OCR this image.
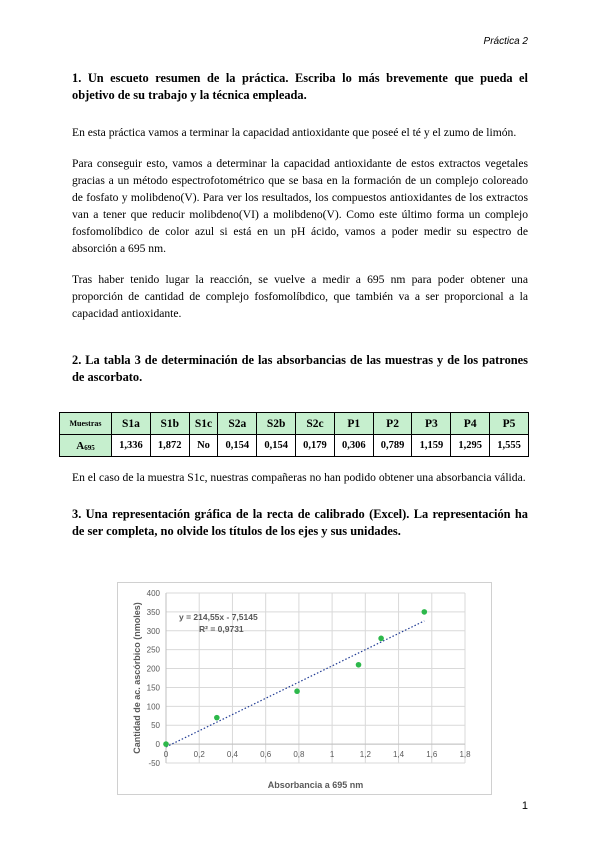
Práctica 2
1. Un escueto resumen de la práctica. Escriba lo más brevemente que pueda el objetivo de su trabajo y la técnica empleada.

En esta práctica vamos a terminar la capacidad antioxidante que poseé el té y el zumo de limón.

Para conseguir esto, vamos a determinar la capacidad antioxidante de estos extractos vegetales gracias a un método espectrofotométrico que se basa en la formación de un complejo coloreado de fosfato y molibdeno(V). Para ver los resultados, los compuestos antioxidantes de los extractos van a tener que reducir molibdeno(VI) a molibdeno(V). Como este último forma un complejo fosfomolíbdico de color azul si está en un pH ácido, vamos a poder medir su espectro de absorción a 695 nm.

Tras haber tenido lugar la reacción, se vuelve a medir a 695 nm para poder obtener una proporción de cantidad de complejo fosfomolíbdico, que también va a ser proporcional a la capacidad antioxidante.

2. La tabla 3 de determinación de las absorbancias de las muestras y de los patrones de ascorbato.
Muestras	S1a	S1b	S1c	S2a	S2b	S2c	P1	P2	P3	P4	P5
$A_{695}$	1,336	1,872	No	0,154	0,154	0,179	0,306	0,789	1,159	1,295	1,555

En el caso de la muestra S1c, nuestras compañeras no han podido obtener una absorbancia válida.

3. Una representación gráfica de la recta de calibrado (Excel). La representación ha de ser completa, no olvide los títulos de los ejes y sus unidades.
-50
0
50
100
150
200
250
300
350
400
0	0,2	0,4	0,6	0,8	1	1,2	1,4	1,6	1,8
y = 214,55x - 7,5145
R² = 0,9731
Absorbancia a 695 nm
Cantidad de ac. ascórbico (nmoles)
1
